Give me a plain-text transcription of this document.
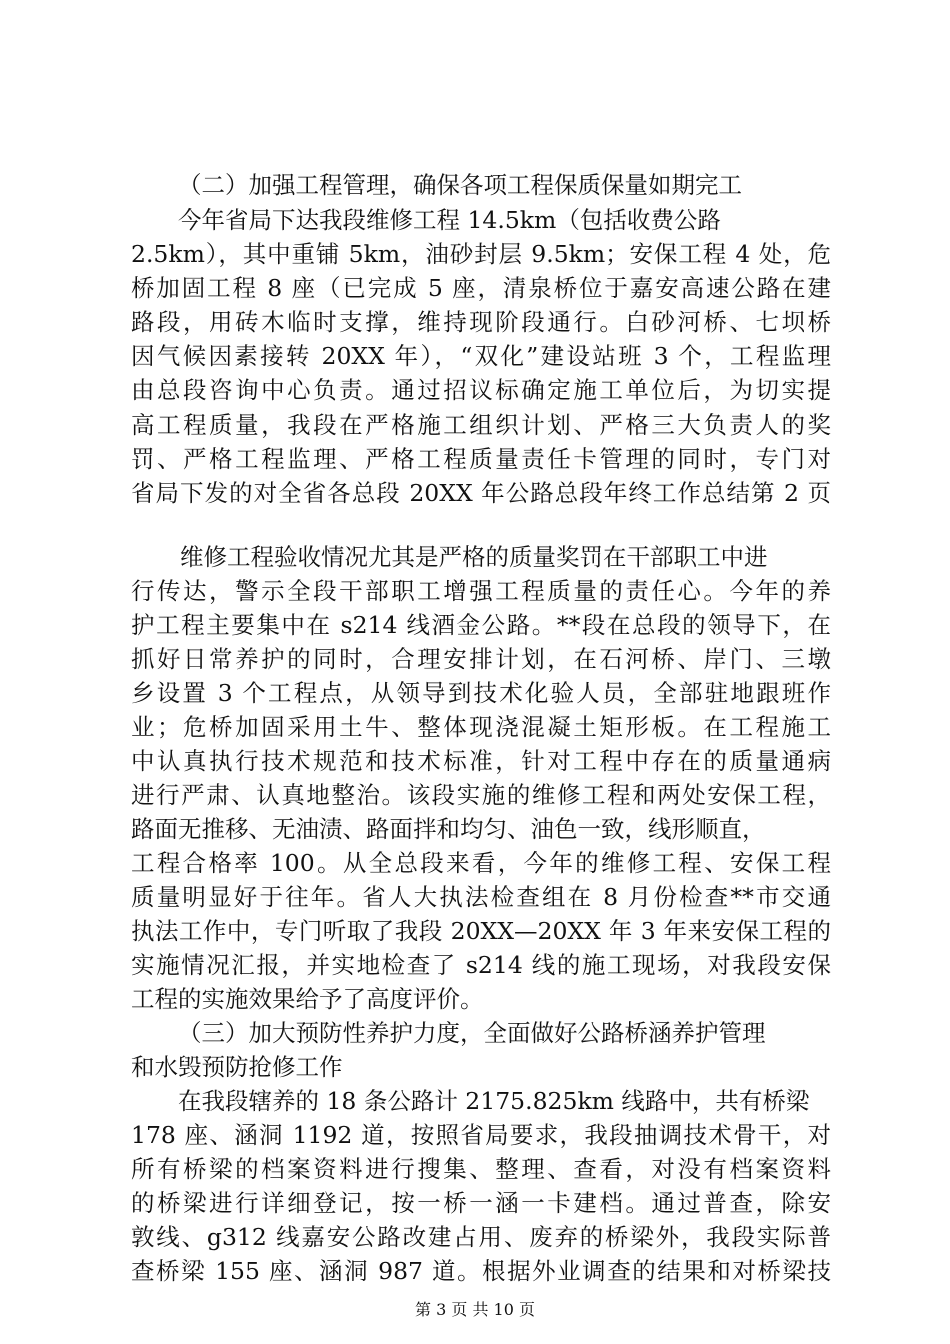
（二）加强工程管理，确保各项工程保质保量如期完工
今年省局下达我段维修工程 14.5km（包括收费公路
2.5km），其中重铺 5km，油砂封层 9.5km；安保工程 4 处，危
桥加固工程 8 座（已完成 5 座，清泉桥位于嘉安高速公路在建
路段，用砖木临时支撑，维持现阶段通行。白砂河桥、七坝桥
因气候因素接转 20XX 年），“双化”建设站班 3 个，工程监理
由总段咨询中心负责。通过招议标确定施工单位后，为切实提
高工程质量，我段在严格施工组织计划、严格三大负责人的奖
罚、严格工程监理、严格工程质量责任卡管理的同时，专门对
省局下发的对全省各总段 20XX 年公路总段年终工作总结第 2 页
维修工程验收情况尤其是严格的质量奖罚在干部职工中进
行传达，警示全段干部职工增强工程质量的责任心。今年的养
护工程主要集中在 s214 线酒金公路。**段在总段的领导下，在
抓好日常养护的同时，合理安排计划，在石河桥、岸门、三墩
乡设置 3 个工程点，从领导到技术化验人员，全部驻地跟班作
业；危桥加固采用土牛、整体现浇混凝土矩形板。在工程施工
中认真执行技术规范和技术标准，针对工程中存在的质量通病
进行严肃、认真地整治。该段实施的维修工程和两处安保工程，
路面无推移、无油渍、路面拌和均匀、油色一致，线形顺直，
工程合格率 100。从全总段来看，今年的维修工程、安保工程
质量明显好于往年。省人大执法检查组在 8 月份检查**市交通
执法工作中，专门听取了我段 20XX—20XX 年 3 年来安保工程的
实施情况汇报，并实地检查了 s214 线的施工现场，对我段安保
工程的实施效果给予了高度评价。
（三）加大预防性养护力度，全面做好公路桥涵养护管理
和水毁预防抢修工作
在我段辖养的 18 条公路计 2175.825km 线路中，共有桥梁
178 座、涵洞 1192 道，按照省局要求，我段抽调技术骨干，对
所有桥梁的档案资料进行搜集、整理、查看，对没有档案资料
的桥梁进行详细登记，按一桥一涵一卡建档。通过普查，除安
敦线、g312 线嘉安公路改建占用、废弃的桥梁外，我段实际普
查桥梁 155 座、涵洞 987 道。根据外业调查的结果和对桥梁技
第 3 页 共 10 页
